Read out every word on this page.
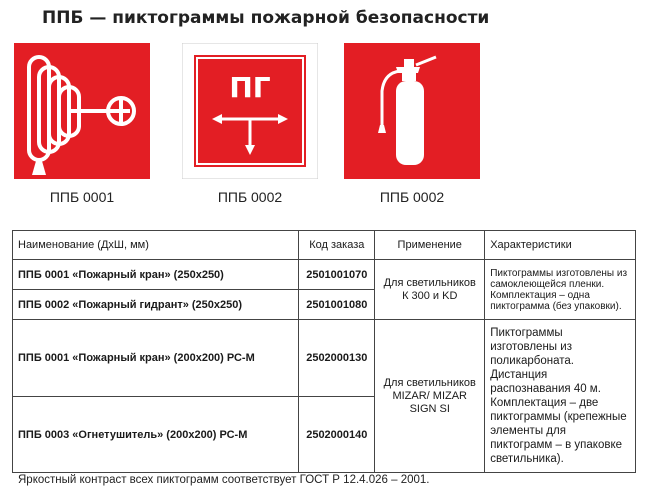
ППБ — пиктограммы пожарной безопасности
ППБ 0001
ПГ
ППБ 0002	ППБ 0002
Наименование (ДхШ, мм)	Код заказа	Применение	Характеристики
ППБ 0001 «Пожарный кран» (250х250)	2501001070	Для светильников К 300 и KD	Пиктограммы изготовлены из самоклеющейся пленки. Комплектация – одна пиктограмма (без упаковки).
ППБ 0002 «Пожарный гидрант» (250х250)	2501001080		
ППБ 0001 «Пожарный кран» (200х200) РС-М	2502000130	Для светильников MIZAR/ MIZAR SIGN SI	Пиктограммы изготовлены из поликарбоната. Дистанция распознавания 40 м. Комплектация – две пиктограммы (крепежные элементы для пиктограмм – в упаковке светильника).
ППБ 0003 «Огнетушитель» (200х200) РС-М	2502000140		
Яркостный контраст всех пиктограмм соответствует ГОСТ Р 12.4.026 – 2001.
